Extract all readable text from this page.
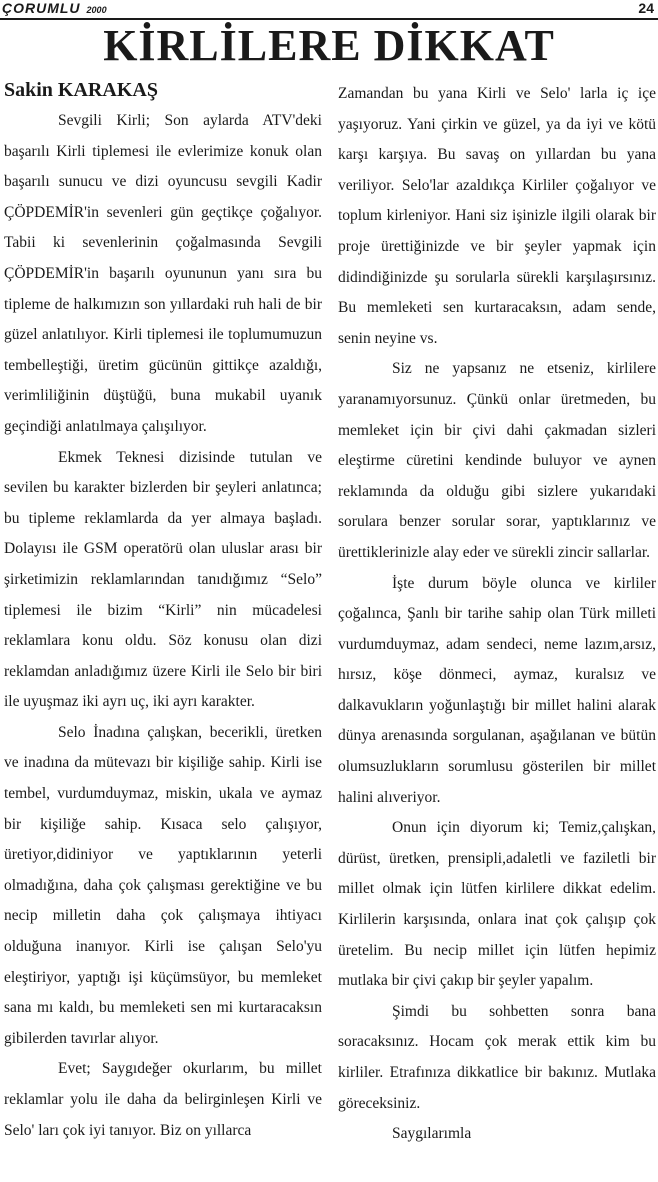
ÇORUMLU 2000	24
KİRLİLERE DİKKAT
Sakin KARAKAŞ

Sevgili Kirli; Son aylarda ATV'deki başarılı Kirli tiplemesi ile evlerimize konuk olan başarılı sunucu ve dizi oyuncusu sevgili Kadir ÇÖPDEMİR'in sevenleri gün geçtikçe çoğalıyor. Tabii ki sevenlerinin çoğalmasında Sevgili ÇÖPDEMİR'in başarılı oyununun yanı sıra bu tipleme de halkımızın son yıllardaki ruh hali de bir güzel anlatılıyor. Kirli tiplemesi ile toplumumuzun tembelleştiği, üretim gücünün gittikçe azaldığı, verimliliğinin düştüğü, buna mukabil uyanık geçindiği anlatılmaya çalışılıyor.

Ekmek Teknesi dizisinde tutulan ve sevilen bu karakter bizlerden bir şeyleri anlatınca; bu tipleme reklamlarda da yer almaya başladı. Dolayısı ile GSM operatörü olan uluslar arası bir şirketimizin reklamlarından tanıdığımız “Selo” tiplemesi ile bizim “Kirli” nin mücadelesi reklamlara konu oldu. Söz konusu olan dizi reklamdan anladığımız üzere Kirli ile Selo bir biri ile uyuşmaz iki ayrı uç, iki ayrı karakter.

Selo İnadına çalışkan, becerikli, üretken ve inadına da mütevazı bir kişiliğe sahip. Kirli ise tembel, vurdumduymaz, miskin, ukala ve aymaz bir kişiliğe sahip. Kısaca selo çalışıyor, üretiyor,didiniyor ve yaptıklarının yeterli olmadığına, daha çok çalışması gerektiğine ve bu necip milletin daha çok çalışmaya ihtiyacı olduğuna inanıyor. Kirli ise çalışan Selo'yu eleştiriyor, yaptığı işi küçümsüyor, bu memleket sana mı kaldı, bu memleketi sen mi kurtaracaksın gibilerden tavırlar alıyor.

Evet; Saygıdeğer okurlarım, bu millet reklamlar yolu ile daha da belirginleşen Kirli ve Selo' ları çok iyi tanıyor. Biz on yıllarca

Zamandan bu yana Kirli ve Selo' larla iç içe yaşıyoruz. Yani çirkin ve güzel, ya da iyi ve kötü karşı karşıya. Bu savaş on yıllardan bu yana veriliyor. Selo'lar azaldıkça Kirliler çoğalıyor ve toplum kirleniyor. Hani siz işinizle ilgili olarak bir proje ürettiğinizde ve bir şeyler yapmak için didindiğinizde şu sorularla sürekli karşılaşırsınız. Bu memleketi sen kurtaracaksın, adam sende, senin neyine vs.

Siz ne yapsanız ne etseniz, kirlilere yaranamıyorsunuz. Çünkü onlar üretmeden, bu memleket için bir çivi dahi çakmadan sizleri eleştirme cüretini kendinde buluyor ve aynen reklamında da olduğu gibi sizlere yukarıdaki sorulara benzer sorular sorar, yaptıklarınız ve ürettiklerinizle alay eder ve sürekli zincir sallarlar.

İşte durum böyle olunca ve kirliler çoğalınca, Şanlı bir tarihe sahip olan Türk milleti vurdumduymaz, adam sendeci, neme lazım,arsız, hırsız, köşe dönmeci, aymaz, kuralsız ve dalkavukların yoğunlaştığı bir millet halini alarak dünya arenasında sorgulanan, aşağılanan ve bütün olumsuzlukların sorumlusu gösterilen bir millet halini alıveriyor.

Onun için diyorum ki; Temiz,çalışkan, dürüst, üretken, prensipli,adaletli ve faziletli bir millet olmak için lütfen kirlilere dikkat edelim. Kirlilerin karşısında, onlara inat çok çalışıp çok üretelim. Bu necip millet için lütfen hepimiz mutlaka bir çivi çakıp bir şeyler yapalım.

Şimdi bu sohbetten sonra bana soracaksınız. Hocam çok merak ettik kim bu kirliler. Etrafınıza dikkatlice bir bakınız. Mutlaka göreceksiniz.

Saygılarımla
